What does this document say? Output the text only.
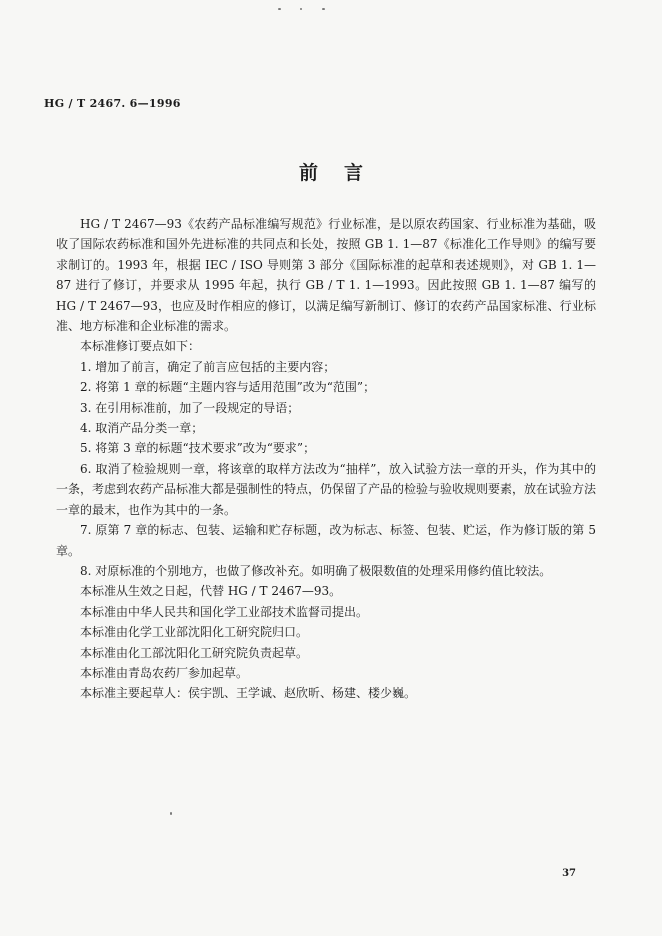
HG / T 2467. 6—1996
前言

HG / T 2467—93《农药产品标准编写规范》行业标准，是以原农药国家、行业标准为基础，吸收了国际农药标准和国外先进标准的共同点和长处，按照 GB 1. 1—87《标准化工作导则》的编写要求制订的。1993 年，根据 IEC / ISO 导则第 3 部分《国际标准的起草和表述规则》，对 GB 1. 1—87 进行了修订，并要求从 1995 年起，执行 GB / T 1. 1—1993。因此按照 GB 1. 1—87 编写的 HG / T 2467—93，也应及时作相应的修订，以满足编写新制订、修订的农药产品国家标准、行业标准、地方标准和企业标准的需求。

本标准修订要点如下：

1. 增加了前言，确定了前言应包括的主要内容；

2. 将第 1 章的标题“主题内容与适用范围”改为“范围”；

3. 在引用标准前，加了一段规定的导语；

4. 取消产品分类一章；

5. 将第 3 章的标题“技术要求”改为“要求”；

6. 取消了检验规则一章，将该章的取样方法改为“抽样”，放入试验方法一章的开头，作为其中的一条，考虑到农药产品标准大都是强制性的特点，仍保留了产品的检验与验收规则要素，放在试验方法一章的最末，也作为其中的一条。

7. 原第 7 章的标志、包装、运输和贮存标题，改为标志、标签、包装、贮运，作为修订版的第 5 章。

8. 对原标准的个别地方，也做了修改补充。如明确了极限数值的处理采用修约值比较法。

本标准从生效之日起，代替 HG / T 2467—93。

本标准由中华人民共和国化学工业部技术监督司提出。

本标准由化学工业部沈阳化工研究院归口。

本标准由化工部沈阳化工研究院负责起草。

本标准由青岛农药厂参加起草。

本标准主要起草人：侯宇凯、王学诚、赵欣昕、杨建、楼少巍。

37
